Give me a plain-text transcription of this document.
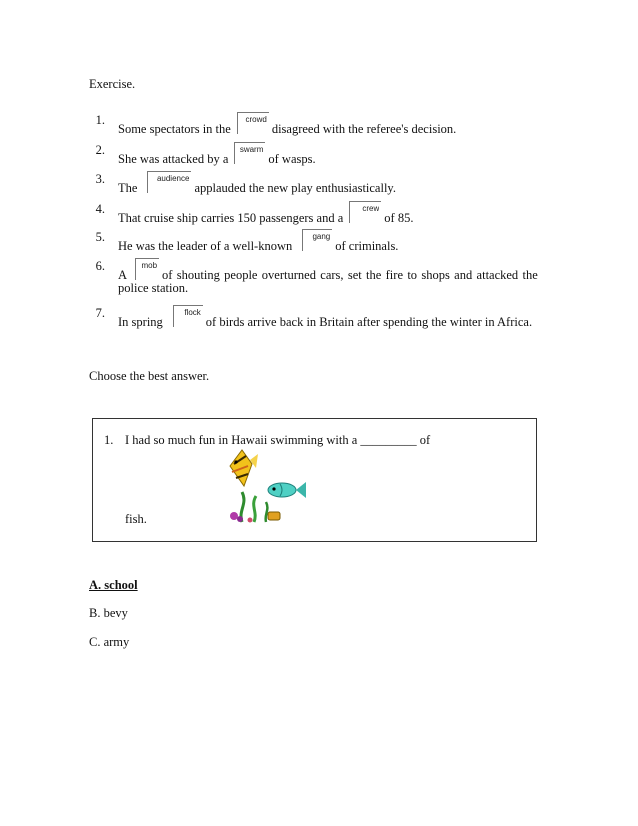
Exercise.
1.
Some spectators in the
crowd
disagreed with the referee's decision.
2.
She was attacked by a
swarm
of wasps.
3.
The
audience
applauded the new play enthusiastically.
4.
That cruise ship carries 150 passengers and a
crew
of 85.
5.
He was the leader of a well-known
gang
of criminals.
6.
A
mob
of shouting people overturned cars, set the fire to shops and attacked the
police station.
7.
In spring
flock
of birds arrive back in Britain after spending the winter in Africa.
Choose the best answer.
1. I had so much fun in Hawaii swimming with a _________ of
fish.
A. school
B. bevy
C. army
